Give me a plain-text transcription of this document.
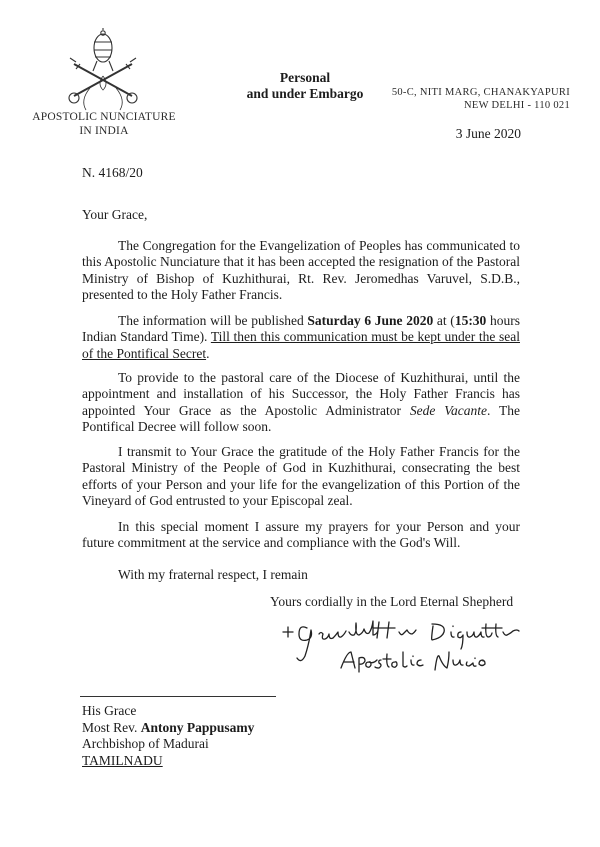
APOSTOLIC NUNCIATURE
IN INDIA
Personal
and under Embargo	50-C, NITI MARG, CHANAKYAPURI
NEW DELHI - 110 021
3 June 2020
N. 4168/20
Your Grace,
The Congregation for the Evangelization of Peoples has communicated to this Apostolic Nunciature that it has been accepted the resignation of the Pastoral Ministry of Bishop of Kuzhithurai, Rt. Rev. Jeromedhas Varuvel, S.D.B., presented to the Holy Father Francis.
The information will be published Saturday 6 June 2020 at (15:30 hours Indian Standard Time). Till then this communication must be kept under the seal of the Pontifical Secret.
To provide to the pastoral care of the Diocese of Kuzhithurai, until the appointment and installation of his Successor, the Holy Father Francis has appointed Your Grace as the Apostolic Administrator Sede Vacante. The Pontifical Decree will follow soon.
I transmit to Your Grace the gratitude of the Holy Father Francis for the Pastoral Ministry of the People of God in Kuzhithurai, consecrating the best efforts of your Person and your life for the evangelization of this Portion of the Vineyard of God entrusted to your Episcopal zeal.
In this special moment I assure my prayers for your Person and your future commitment at the service and compliance with the God's Will.
With my fraternal respect, I remain
Yours cordially in the Lord Eternal Shepherd
His Grace
Most Rev. Antony Pappusamy
Archbishop of Madurai
TAMILNADU
